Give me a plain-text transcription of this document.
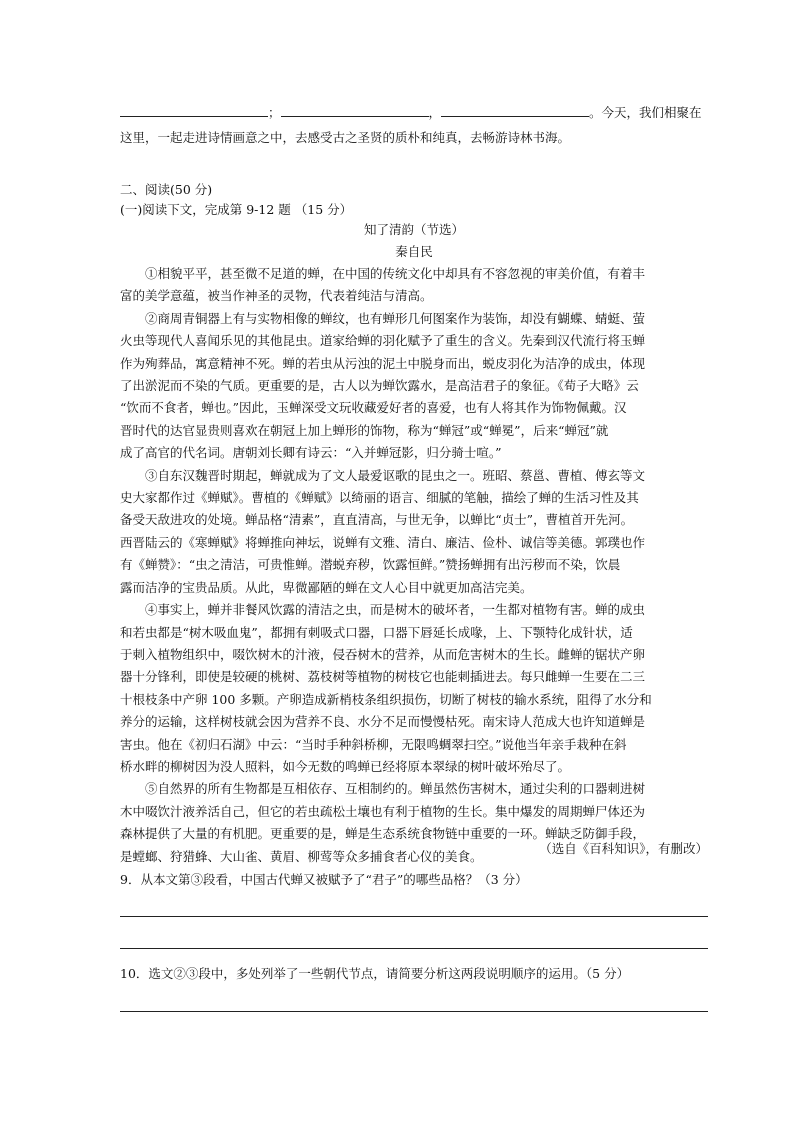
；	，	。今天，我们相聚在
这里，一起走进诗情画意之中，去感受古之圣贤的质朴和纯真，去畅游诗林书海。
二、阅读(50 分)
(一)阅读下文，完成第 9-12 题 （15 分）
知了清韵（节选）
秦自民
①相貌平平，甚至微不足道的蝉，在中国的传统文化中却具有不容忽视的审美价值，有着丰
富的美学意蕴，被当作神圣的灵物，代表着纯洁与清高。
②商周青铜器上有与实物相像的蝉纹，也有蝉形几何图案作为装饰，却没有蝴蝶、蜻蜓、萤
火虫等现代人喜闻乐见的其他昆虫。道家给蝉的羽化赋予了重生的含义。先秦到汉代流行将玉蝉
作为殉葬品，寓意精神不死。蝉的若虫从污浊的泥土中脱身而出，蜕皮羽化为洁净的成虫，体现
了出淤泥而不染的气质。更重要的是，古人以为蝉饮露水，是高洁君子的象征。《荀子大略》云
“饮而不食者，蝉也。”因此，玉蝉深受文玩收藏爱好者的喜爱，也有人将其作为饰物佩戴。汉
晋时代的达官显贵则喜欢在朝冠上加上蝉形的饰物，称为“蝉冠”或“蝉冕”，后来“蝉冠”就
成了高官的代名词。唐朝刘长卿有诗云：“入并蝉冠影，归分骑士喧。”
③自东汉魏晋时期起，蝉就成为了文人最爱讴歌的昆虫之一。班昭、蔡邕、曹植、傅玄等文
史大家都作过《蝉赋》。曹植的《蝉赋》以绮丽的语言、细腻的笔触，描绘了蝉的生活习性及其
备受天敌进攻的处境。蝉品格“清素”，直直清高，与世无争，以蝉比“贞士”，曹植首开先河。
西晋陆云的《寒蝉赋》将蝉推向神坛，说蝉有文雅、清白、廉洁、俭朴、诚信等美德。郭璞也作
有《蝉赞》：“虫之清洁，可贵惟蝉。潜蜕弃秽，饮露恒鲜。”赞扬蝉拥有出污秽而不染，饮晨
露而洁净的宝贵品质。从此，卑微鄙陋的蝉在文人心目中就更加高洁完美。
④事实上，蝉并非餐风饮露的清洁之虫，而是树木的破坏者，一生都对植物有害。蝉的成虫
和若虫都是“树木吸血鬼”，都拥有刺吸式口器，口器下唇延长成喙，上、下颚特化成针状，适
于刺入植物组织中，啜饮树木的汁液，侵吞树木的营养，从而危害树木的生长。雌蝉的锯状产卵
器十分锋利，即使是较硬的桃树、荔枝树等植物的树枝它也能刺插进去。每只雌蝉一生要在二三
十根枝条中产卵 100 多颗。产卵造成新梢枝条组织损伤，切断了树枝的输水系统，阻得了水分和
养分的运输，这样树枝就会因为营养不良、水分不足而慢慢枯死。南宋诗人范成大也许知道蝉是
害虫。他在《初归石湖》中云：“当时手种斜桥柳，无限鸣蜩翠扫空。”说他当年亲手栽种在斜
桥水畔的柳树因为没人照料，如今无数的鸣蝉已经将原本翠绿的树叶破坏殆尽了。
⑤自然界的所有生物都是互相依存、互相制约的。蝉虽然伤害树木，通过尖利的口器刺进树
木中啜饮汁液养活自己，但它的若虫疏松土壤也有利于植物的生长。集中爆发的周期蝉尸体还为
森林提供了大量的有机肥。更重要的是，蝉是生态系统食物链中重要的一环。蝉缺乏防御手段，
是螳螂、狩猎蜂、大山雀、黄眉、柳莺等众多捕食者心仪的美食。
（选自《百科知识》，有删改）
9．从本文第③段看，中国古代蝉又被赋予了“君子”的哪些品格？（3 分）
10．选文②③段中，多处列举了一些朝代节点，请简要分析这两段说明顺序的运用。（5 分）
